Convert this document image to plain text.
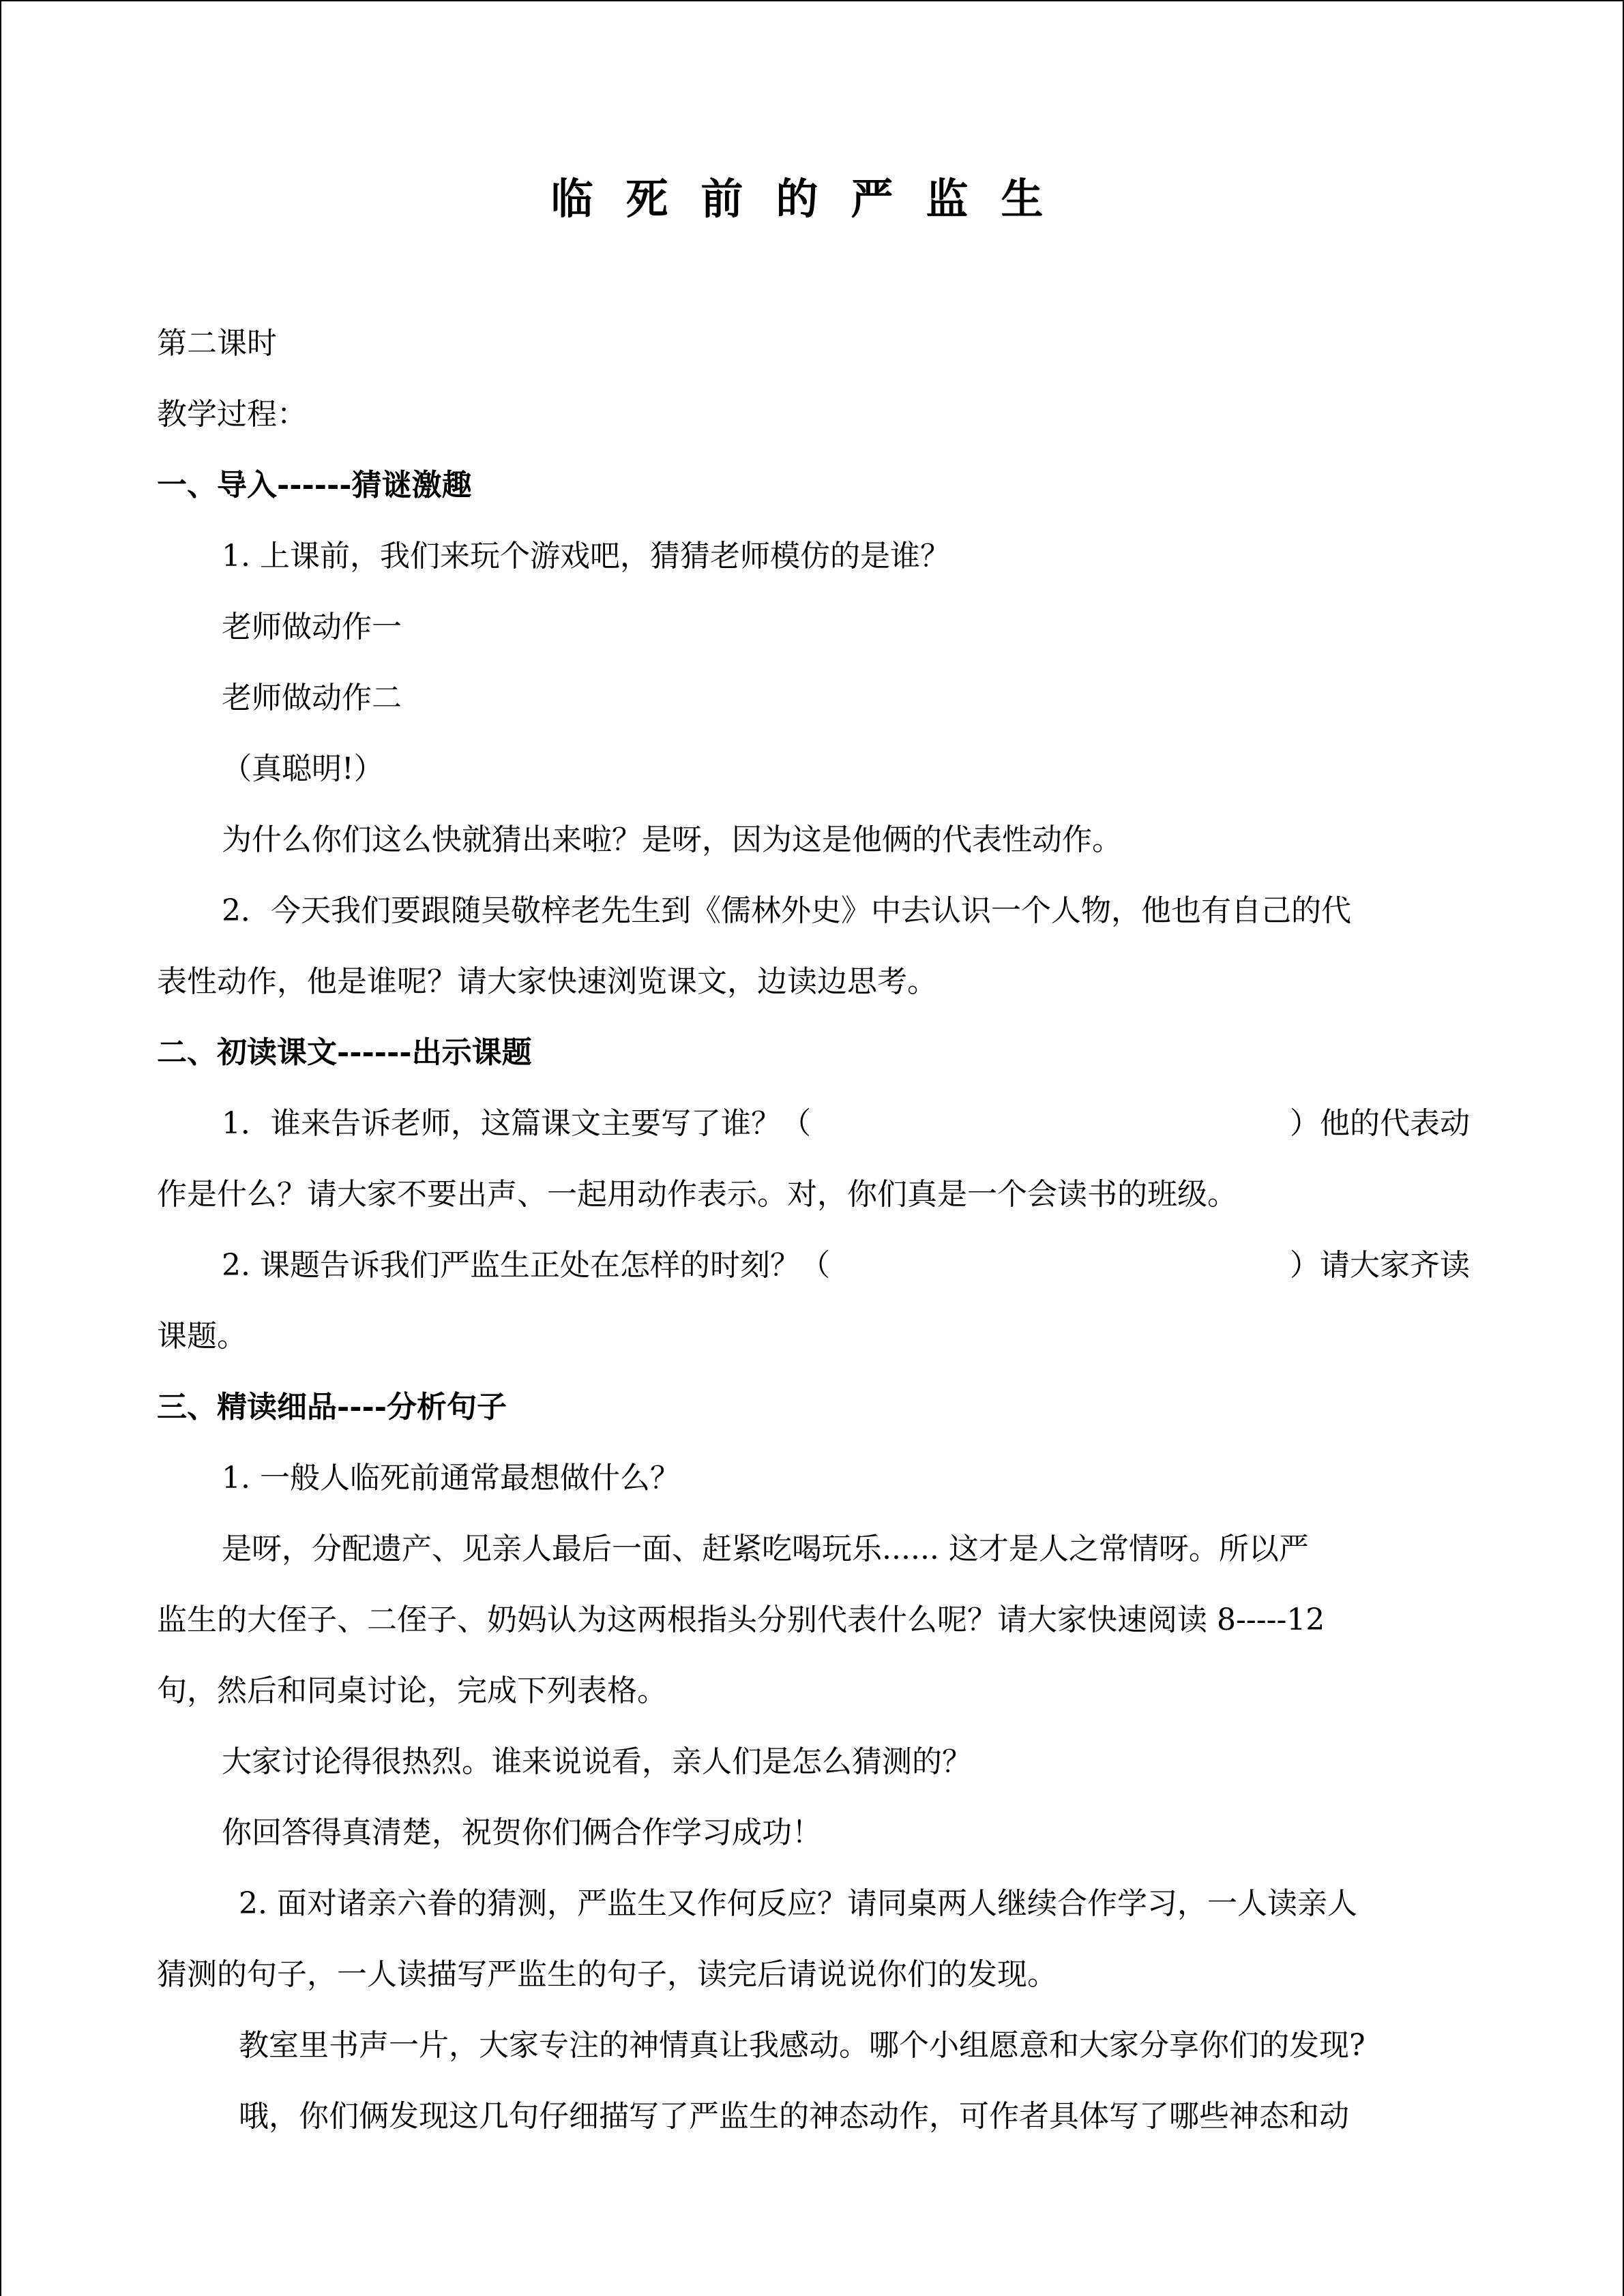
临死前的严监生
第二课时
教学过程：
一、导入------猜谜激趣
1. 上课前，我们来玩个游戏吧，猜猜老师模仿的是谁？
老师做动作一
老师做动作二
（真聪明!）
为什么你们这么快就猜出来啦？是呀，因为这是他俩的代表性动作。
2．今天我们要跟随吴敬梓老先生到《儒林外史》中去认识一个人物，他也有自己的代
表性动作，他是谁呢？请大家快速浏览课文，边读边思考。
二、初读课文------出示课题
1．谁来告诉老师，这篇课文主要写了谁？（	）他的代表动
作是什么？请大家不要出声、一起用动作表示。对，你们真是一个会读书的班级。
2. 课题告诉我们严监生正处在怎样的时刻？（	）请大家齐读
课题。
三、精读细品----分析句子
1. 一般人临死前通常最想做什么？
是呀，分配遗产、见亲人最后一面、赶紧吃喝玩乐...... 这才是人之常情呀。所以严
监生的大侄子、二侄子、奶妈认为这两根指头分别代表什么呢？请大家快速阅读 8-----12
句，然后和同桌讨论，完成下列表格。
大家讨论得很热烈。谁来说说看，亲人们是怎么猜测的？
你回答得真清楚，祝贺你们俩合作学习成功！
2. 面对诸亲六眷的猜测，严监生又作何反应？请同桌两人继续合作学习，一人读亲人
猜测的句子，一人读描写严监生的句子，读完后请说说你们的发现。
教室里书声一片，大家专注的神情真让我感动。哪个小组愿意和大家分享你们的发现?
哦，你们俩发现这几句仔细描写了严监生的神态动作，可作者具体写了哪些神态和动
